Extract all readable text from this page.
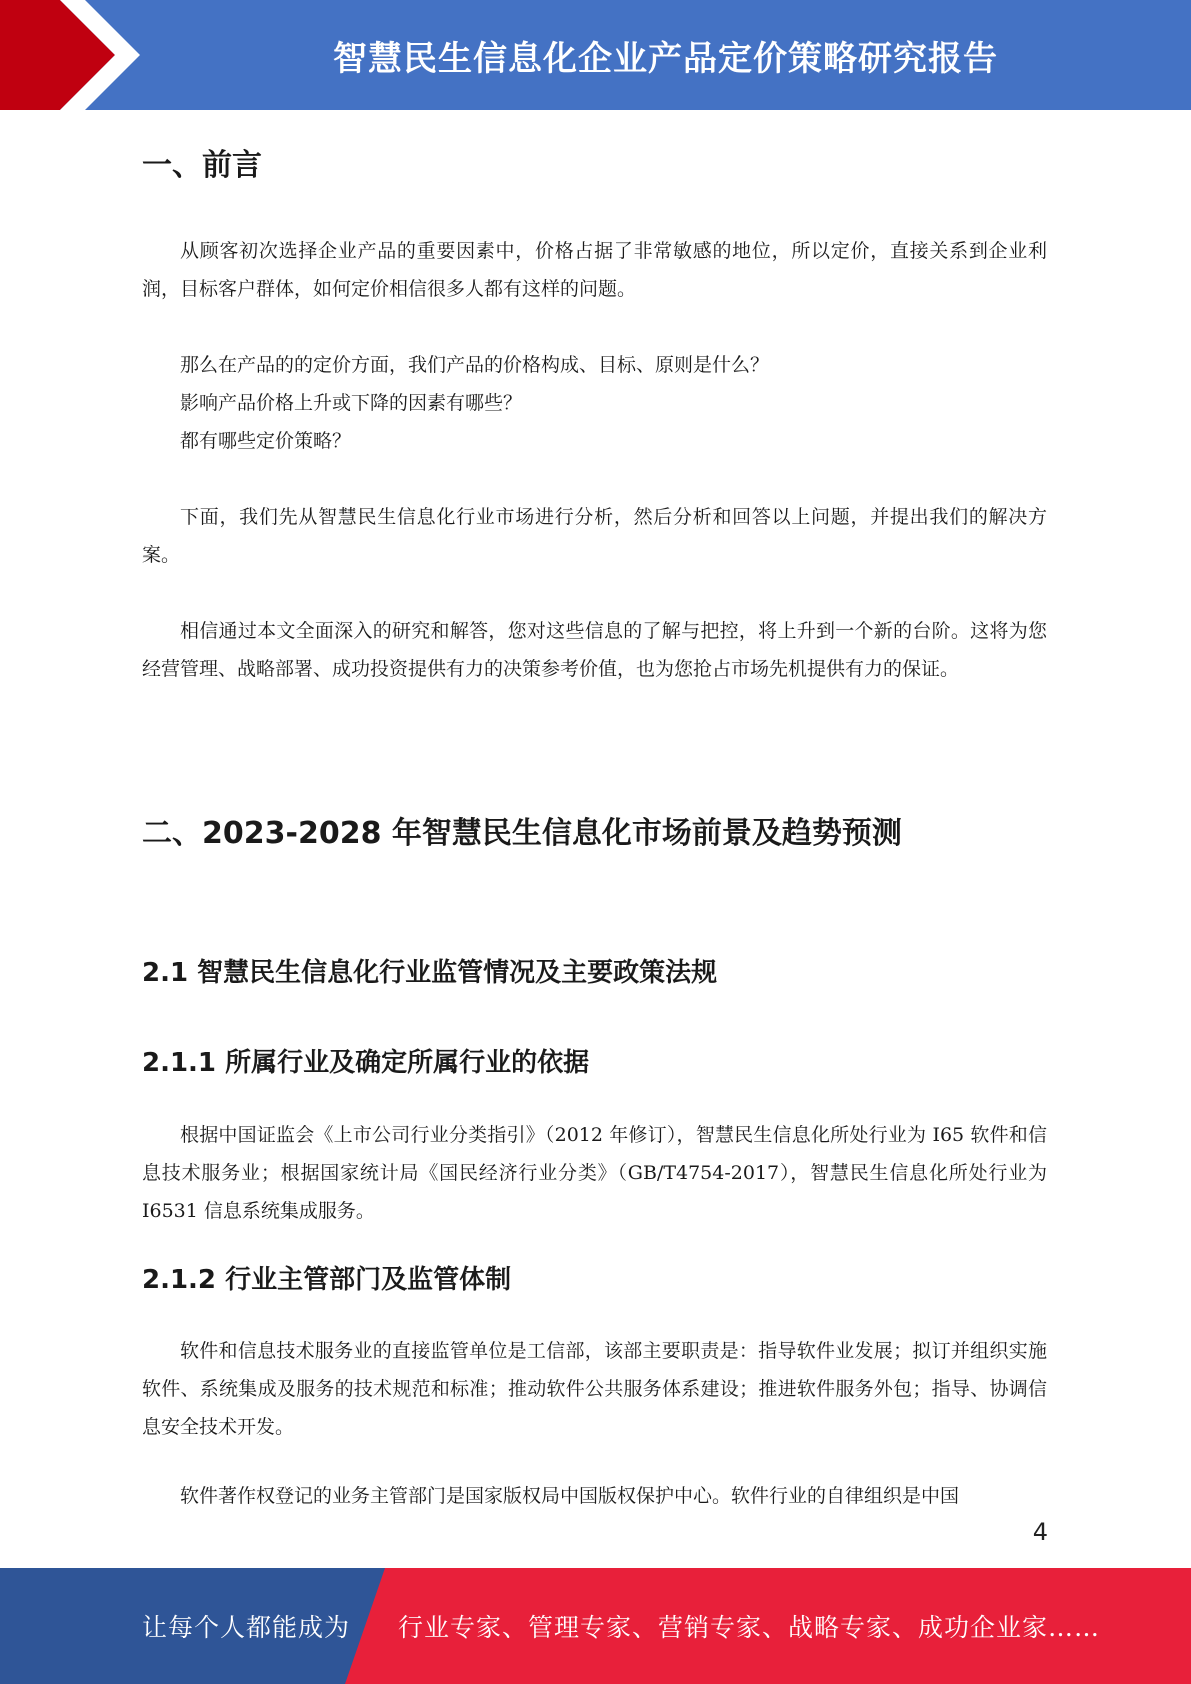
智慧民生信息化企业产品定价策略研究报告
一、前言

从顾客初次选择企业产品的重要因素中，价格占据了非常敏感的地位，所以定价，直接关系到企业利润，目标客户群体，如何定价相信很多人都有这样的问题。

那么在产品的的定价方面，我们产品的价格构成、目标、原则是什么？

影响产品价格上升或下降的因素有哪些？

都有哪些定价策略？

下面，我们先从智慧民生信息化行业市场进行分析，然后分析和回答以上问题，并提出我们的解决方案。

相信通过本文全面深入的研究和解答，您对这些信息的了解与把控，将上升到一个新的台阶。这将为您经营管理、战略部署、成功投资提供有力的决策参考价值，也为您抢占市场先机提供有力的保证。

二、2023-2028 年智慧民生信息化市场前景及趋势预测
2.1 智慧民生信息化行业监管情况及主要政策法规
2.1.1 所属行业及确定所属行业的依据

根据中国证监会《上市公司行业分类指引》（2012 年修订），智慧民生信息化所处行业为 I65 软件和信息技术服务业；根据国家统计局《国民经济行业分类》（GB/T4754-2017），智慧民生信息化所处行业为 I6531 信息系统集成服务。

2.1.2 行业主管部门及监管体制

软件和信息技术服务业的直接监管单位是工信部，该部主要职责是：指导软件业发展；拟订并组织实施软件、系统集成及服务的技术规范和标准；推动软件公共服务体系建设；推进软件服务外包；指导、协调信息安全技术开发。

软件著作权登记的业务主管部门是国家版权局中国版权保护中心。软件行业的自律组织是中国

4
让每个人都能成为 行业专家、管理专家、营销专家、战略专家、成功企业家……
